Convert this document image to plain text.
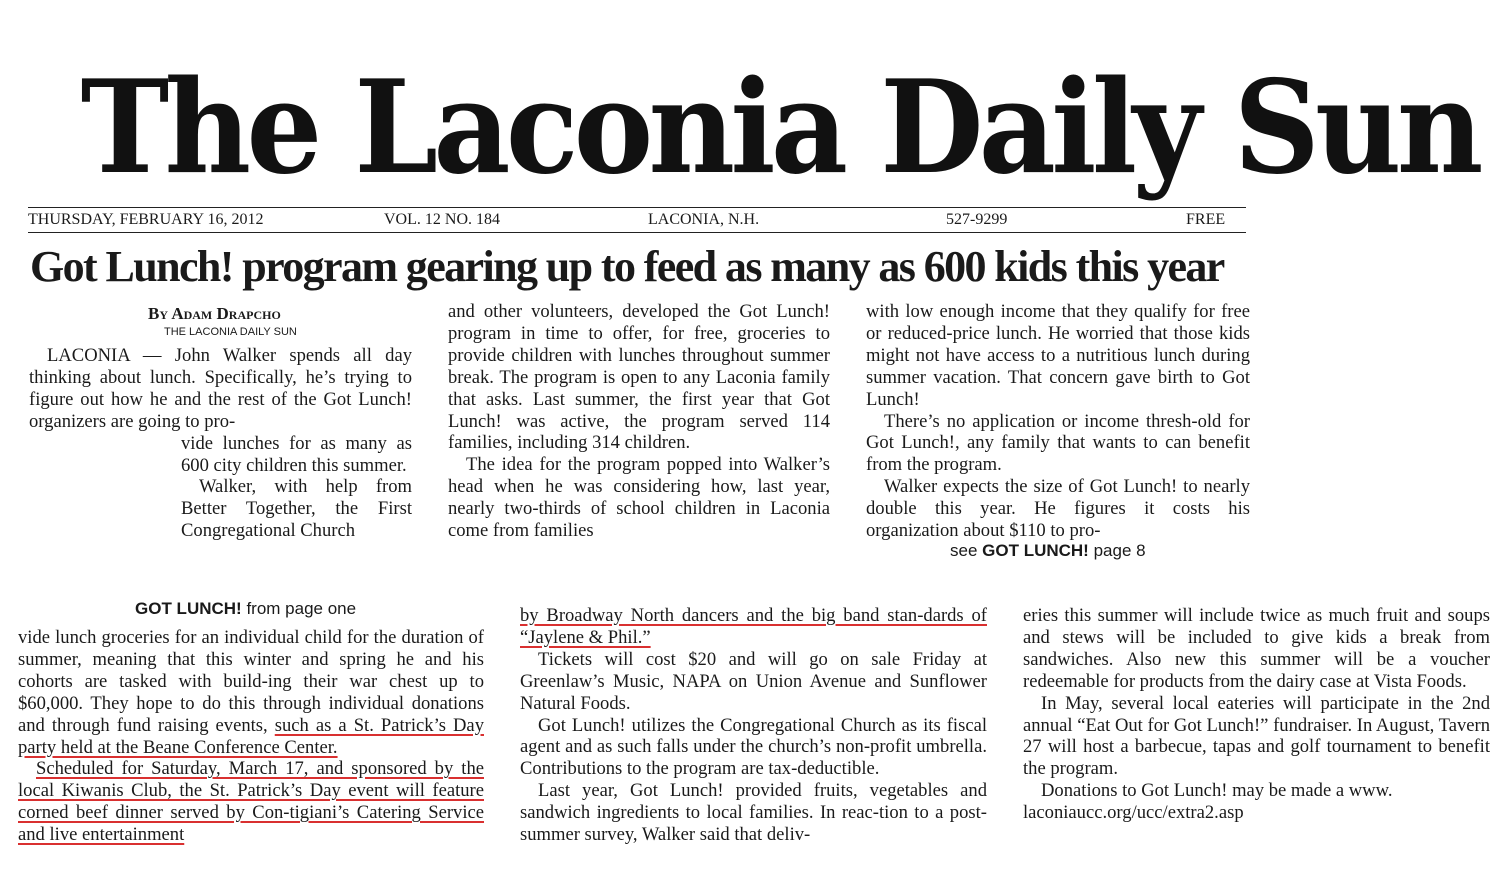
The Laconia Daily Sun
THURSDAY, FEBRUARY 16, 2012	VOL. 12 NO. 184	LACONIA, N.H.	527-9299	FREE
Got Lunch! program gearing up to feed as many as 600 kids this year
By Adam Drapcho
THE LACONIA DAILY SUN

LACONIA — John Walker spends all day thinking about lunch. Specifically, he’s trying to figure out how he and the rest of the Got Lunch! organizers are going to pro-

vide lunches for as many as 600 city children this summer.

Walker, with help from Better Together, the First Congregational Church

and other volunteers, developed the Got Lunch! program in time to offer, for free, groceries to provide children with lunches throughout summer break. The program is open to any Laconia family that asks. Last summer, the first year that Got Lunch! was active, the program served 114 families, including 314 children.

The idea for the program popped into Walker’s head when he was considering how, last year, nearly two-thirds of school children in Laconia come from families

with low enough income that they qualify for free or reduced-price lunch. He worried that those kids might not have access to a nutritious lunch during summer vacation. That concern gave birth to Got Lunch!

There’s no application or income thresh-old for Got Lunch!, any family that wants to can benefit from the program.

Walker expects the size of Got Lunch! to nearly double this year. He figures it costs his organization about $110 to pro-

see GOT LUNCH! page 8
GOT LUNCH! from page one

vide lunch groceries for an individual child for the duration of summer, meaning that this winter and spring he and his cohorts are tasked with build-ing their war chest up to $60,000. They hope to do this through individual donations and through fund raising events, such as a St. Patrick’s Day party held at the Beane Conference Center.

Scheduled for Saturday, March 17, and sponsored by the local Kiwanis Club, the St. Patrick’s Day event will feature corned beef dinner served by Con-tigiani’s Catering Service and live entertainment

by Broadway North dancers and the big band stan-dards of “Jaylene & Phil.”

Tickets will cost $20 and will go on sale Friday at Greenlaw’s Music, NAPA on Union Avenue and Sunflower Natural Foods.

Got Lunch! utilizes the Congregational Church as its fiscal agent and as such falls under the church’s non-profit umbrella. Contributions to the program are tax-deductible.

Last year, Got Lunch! provided fruits, vegetables and sandwich ingredients to local families. In reac-tion to a post-summer survey, Walker said that deliv-

eries this summer will include twice as much fruit and soups and stews will be included to give kids a break from sandwiches. Also new this summer will be a voucher redeemable for products from the dairy case at Vista Foods.

In May, several local eateries will participate in the 2nd annual “Eat Out for Got Lunch!” fundraiser. In August, Tavern 27 will host a barbecue, tapas and golf tournament to benefit the program.

Donations to Got Lunch! may be made a www. laconiaucc.org/ucc/extra2.asp
